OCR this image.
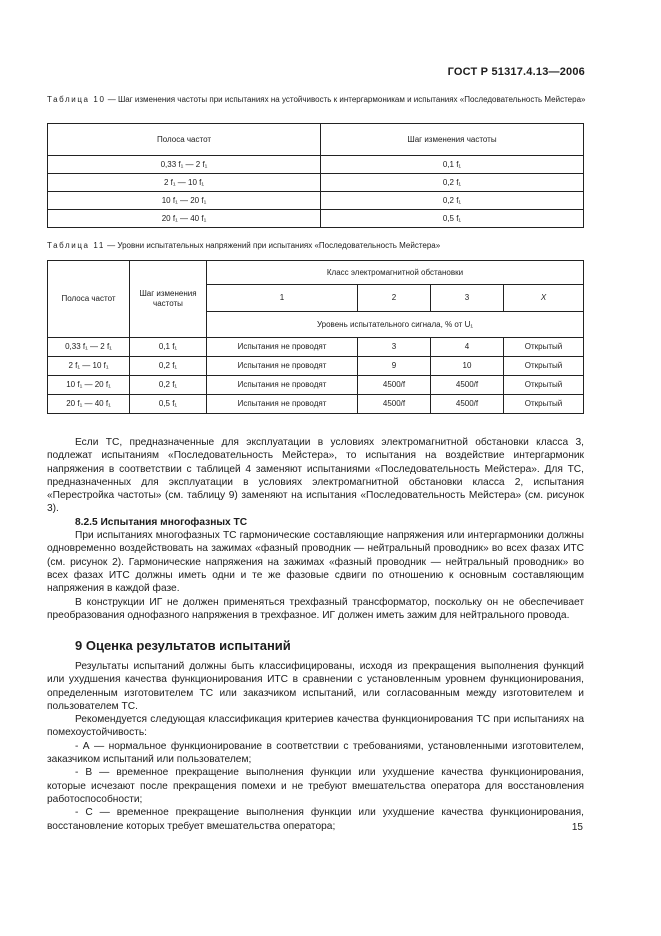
ГОСТ Р 51317.4.13—2006
Таблица 10 — Шаг изменения частоты при испытаниях на устойчивость к интергармоникам и испытаниях «Последовательность Мейстера»
Полоса частот	Шаг изменения частоты
0,33 f₁ — 2 f₁	0,1 f₁
2 f₁ — 10 f₁	0,2 f₁
10 f₁ — 20 f₁	0,2 f₁
20 f₁ — 40 f₁	0,5 f₁
Таблица 11 — Уровни испытательных напряжений при испытаниях «Последовательность Мейстера»
Полоса частот	Шаг изменения частоты	Класс электромагнитной обстановки			
		1	2	3	X
		Уровень испытательного сигнала, % от U₁			
0,33 f₁ — 2 f₁	0,1 f₁	Испытания не проводят	3	4	Открытый
2 f₁ — 10 f₁	0,2 f₁	Испытания не проводят	9	10	Открытый
10 f₁ — 20 f₁	0,2 f₁	Испытания не проводят	4500/f	4500/f	Открытый
20 f₁ — 40 f₁	0,5 f₁	Испытания не проводят	4500/f	4500/f	Открытый

Если ТС, предназначенные для эксплуатации в условиях электромагнитной обстановки класса 3, подлежат испытаниям «Последовательность Мейстера», то испытания на воздействие интергармоник напряжения в соответствии с таблицей 4 заменяют испытаниями «Последовательность Мейстера». Для ТС, предназначенных для эксплуатации в условиях электромагнитной обстановки класса 2, испытания «Перестройка частоты» (см. таблицу 9) заменяют на испытания «Последовательность Мейстера» (см. рисунок 3).

8.2.5 Испытания многофазных ТС

При испытаниях многофазных ТС гармонические составляющие напряжения или интергармоники должны одновременно воздействовать на зажимах «фазный проводник — нейтральный проводник» во всех фазах ИТС (см. рисунок 2). Гармонические напряжения на зажимах «фазный проводник — нейтральный проводник» во всех фазах ИТС должны иметь одни и те же фазовые сдвиги по отношению к основным составляющим напряжения в каждой фазе.

В конструкции ИГ не должен применяться трехфазный трансформатор, поскольку он не обеспечивает преобразования однофазного напряжения в трехфазное. ИГ должен иметь зажим для нейтрального провода.

9 Оценка результатов испытаний

Результаты испытаний должны быть классифицированы, исходя из прекращения выполнения функций или ухудшения качества функционирования ИТС в сравнении с установленным уровнем функционирования, определенным изготовителем ТС или заказчиком испытаний, или согласованным между изготовителем и пользователем ТС.

Рекомендуется следующая классификация критериев качества функционирования ТС при испытаниях на помехоустойчивость:

- А — нормальное функционирование в соответствии с требованиями, установленными изготовителем, заказчиком испытаний или пользователем;

- В — временное прекращение выполнения функции или ухудшение качества функционирования, которые исчезают после прекращения помехи и не требуют вмешательства оператора для восстановления работоспособности;

- С — временное прекращение выполнения функции или ухудшение качества функционирования, восстановление которых требует вмешательства оператора;	15
